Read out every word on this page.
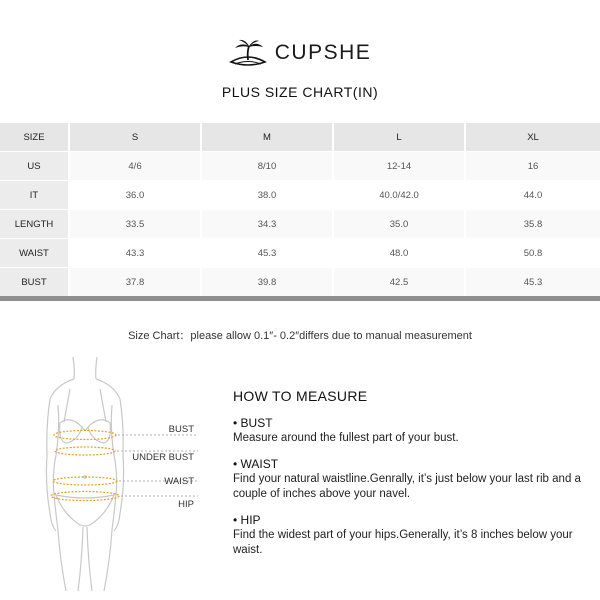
CUPSHE
PLUS SIZE CHART(IN)
SIZE	S	M	L	XL
US	4/6	8/10	12-14	16
IT	36.0	38.0	40.0/42.0	44.0
LENGTH	33.5	34.3	35.0	35.8
WAIST	43.3	45.3	48.0	50.8
BUST	37.8	39.8	42.5	45.3
Size Chart：please allow 0.1″- 0.2″differs due to manual measurement
BUST
UNDER BUST
WAIST
HIP
HOW TO MEASURE
• BUST
Measure around the fullest part of your bust.
• WAIST
Find your natural waistline.Genrally, it’s just below your last rib and a couple of inches above your navel.
• HIP
Find the widest part of your hips.Generally, it’s 8 inches below your waist.
